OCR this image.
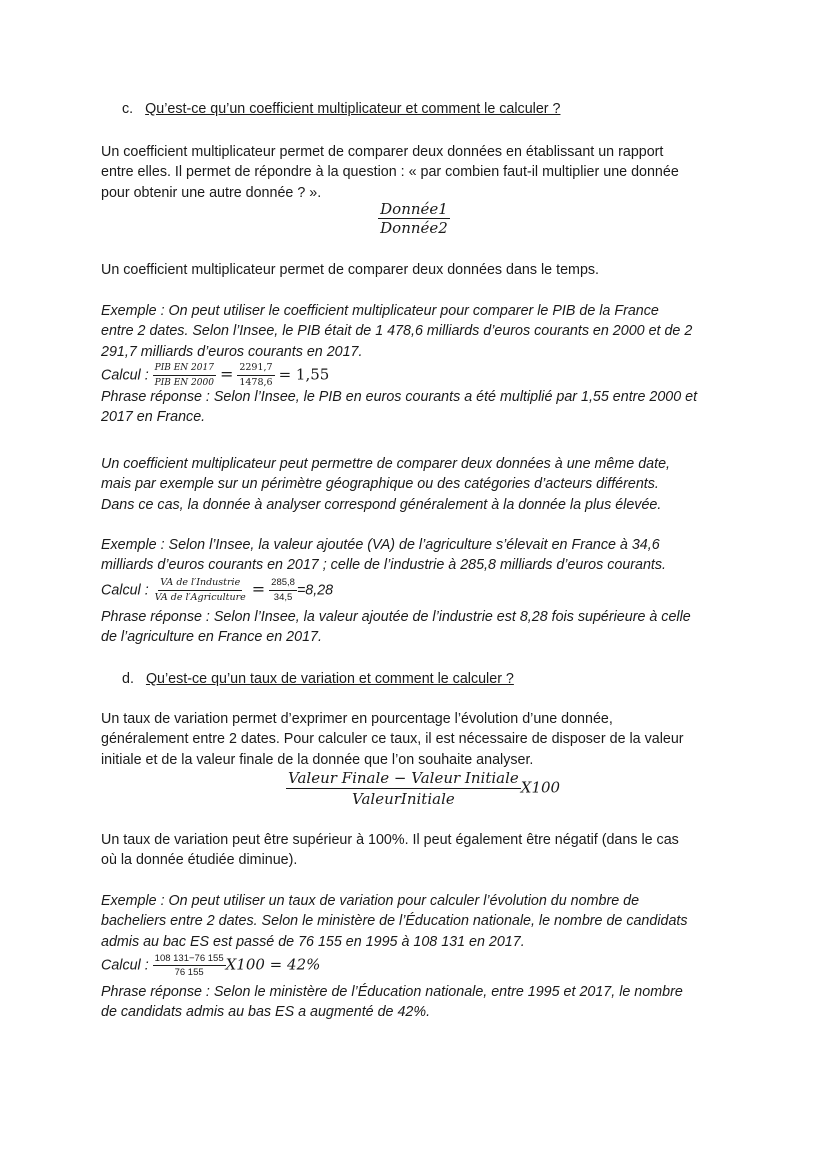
c. Qu’est-ce qu’un coefficient multiplicateur et comment le calculer ?
Un coefficient multiplicateur permet de comparer deux données en établissant un rapport
entre elles. Il permet de répondre à la question : « par combien faut-il multiplier une donnée
pour obtenir une autre donnée ? ».
$\frac{\text{Donnée1}}{\text{Donnée2}}$
Un coefficient multiplicateur permet de comparer deux données dans le temps.
Exemple : On peut utiliser le coefficient multiplicateur pour comparer le PIB de la France
entre 2 dates. Selon l’Insee, le PIB était de 1 478,6 milliards d’euros courants en 2000 et de 2
291,7 milliards d’euros courants en 2017.
Calcul : $\frac{\text{PIB EN 2017}}{\text{PIB EN 2000}} = \frac{2291,7}{1478,6} = 1,55$
Phrase réponse : Selon l’Insee, le PIB en euros courants a été multiplié par 1,55 entre 2000 et
2017 en France.
Un coefficient multiplicateur peut permettre de comparer deux données à une même date,
mais par exemple sur un périmètre géographique ou des catégories d’acteurs différents.
Dans ce cas, la donnée à analyser correspond généralement à la donnée la plus élevée.
Exemple : Selon l’Insee, la valeur ajoutée (VA) de l’agriculture s’élevait en France à 34,6
milliards d’euros courants en 2017 ; celle de l’industrie à 285,8 milliards d’euros courants.
Calcul : $\frac{\text{VA de l′Industrie}}{\text{VA de l′Agriculture}} = \frac{285,8}{34,5} =8,28$
Phrase réponse : Selon l’Insee, la valeur ajoutée de l’industrie est 8,28 fois supérieure à celle
de l’agriculture en France en 2017.
d. Qu’est-ce qu’un taux de variation et comment le calculer ?
Un taux de variation permet d’exprimer en pourcentage l’évolution d’une donnée,
généralement entre 2 dates. Pour calculer ce taux, il est nécessaire de disposer de la valeur
initiale et de la valeur finale de la donnée que l’on souhaite analyser.
$\frac{\text{Valeur Finale − Valeur Initiale}}{\text{ValeurInitiale}} X100$
Un taux de variation peut être supérieur à 100%. Il peut également être négatif (dans le cas
où la donnée étudiée diminue).
Exemple : On peut utiliser un taux de variation pour calculer l’évolution du nombre de
bacheliers entre 2 dates. Selon le ministère de l’Éducation nationale, le nombre de candidats
admis au bac ES est passé de 76 155 en 1995 à 108 131 en 2017.
Calcul : $\frac{108 131-76 155}{76 155} X100 = 42\%$
Phrase réponse : Selon le ministère de l’Éducation nationale, entre 1995 et 2017, le nombre
de candidats admis au bas ES a augmenté de 42%.
